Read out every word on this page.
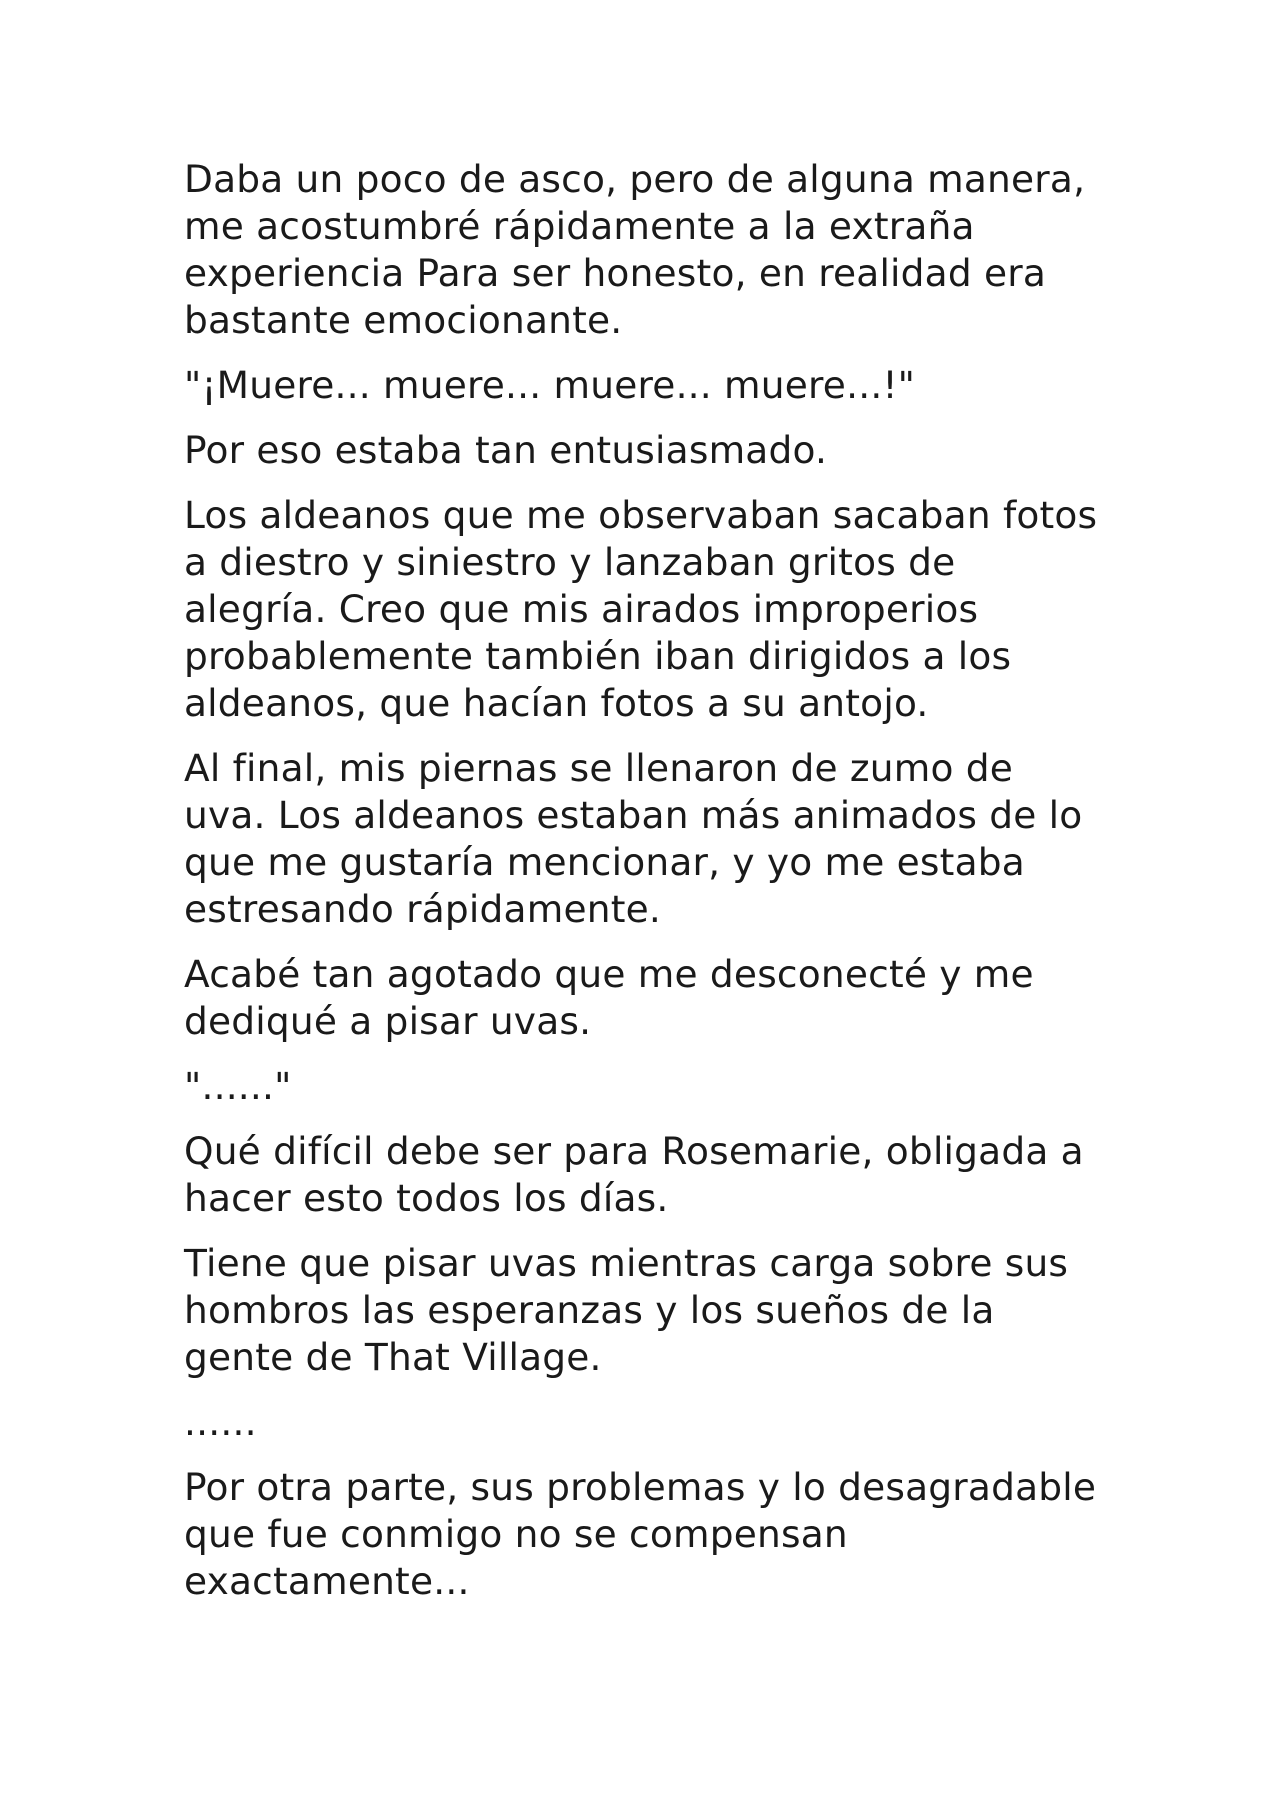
Daba un poco de asco, pero de alguna manera, me acostumbré rápidamente a la extraña experiencia Para ser honesto, en realidad era bastante emocionante.

"¡Muere... muere... muere... muere...!"

Por eso estaba tan entusiasmado.

Los aldeanos que me observaban sacaban fotos a diestro y siniestro y lanzaban gritos de alegría. Creo que mis airados improperios probablemente también iban dirigidos a los aldeanos, que hacían fotos a su antojo.

Al final, mis piernas se llenaron de zumo de uva. Los aldeanos estaban más animados de lo que me gustaría mencionar, y yo me estaba estresando rápidamente.

Acabé tan agotado que me desconecté y me dediqué a pisar uvas.

"......"

Qué difícil debe ser para Rosemarie, obligada a hacer esto todos los días.

Tiene que pisar uvas mientras carga sobre sus hombros las esperanzas y los sueños de la gente de That Village.

......

Por otra parte, sus problemas y lo desagradable que fue conmigo no se compensan exactamente...
